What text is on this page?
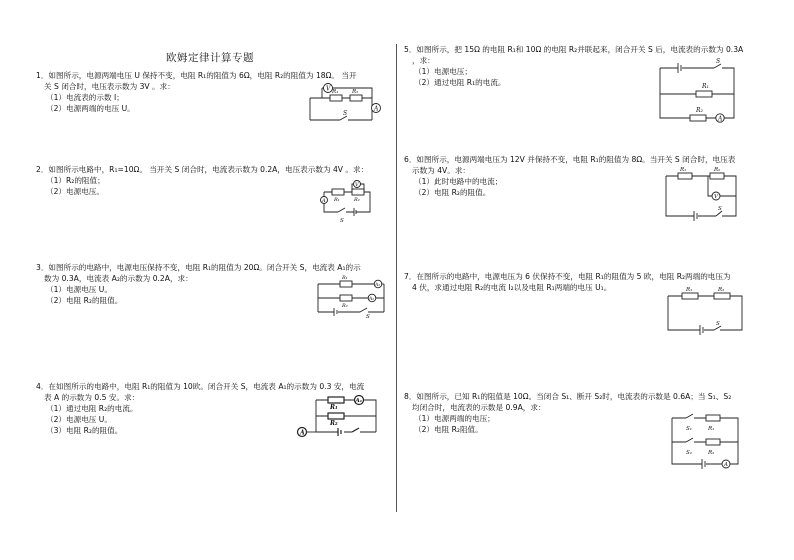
欧姆定律计算专题
1．如图所示，电源两端电压 U 保持不变，电阻 R₁的阻值为 6Ω，电阻 R₂的阻值为 18Ω。 当开
关 S 闭合时，电压表示数为 3V 。求：
（1）电流表的示数 I；
（2）电源两端的电压 U。
V R₁ R₂
A
S
2．如图所示电路中，R₁=10Ω。 当开关 S 闭合时，电流表示数为 0.2A，电压表示数为 4V 。求：
（1）R₂的阻值；
（2）电源电压。
V
R₁	R₂
A
S
3．如图所示的电路中，电源电压保持不变，电阻 R₁的阻值为 20Ω。闭合开关 S，电流表 A₁的示
数为 0.3A，电流表 A₂的示数为 0.2A，求：
（1）电源电压 U。
（2）电阻 R₂的阻值。
R₁
R₂
A₁
A₂
S
4．在如图所示的电路中，电阻 R₁的阻值为 10欧。闭合开关 S，电流表 A₁的示数为 0.3 安，电流
表 A 的示数为 0.5 安。求：
（1）通过电阻 R₂的电流。
（2）电源电压 U。
（3）电阻 R₂的阻值。
R₁
R₂
A₁
A
5．如图所示，把 15Ω 的电阻 R₁和 10Ω 的电阻 R₂并联起来，闭合开关 S 后，电流表的示数为 0.3A
，求：
（1）电源电压；
（2）通过电阻 R₁的电流。
S
R₁
R₂
A
6．如图所示，电源两端电压为 12V 并保持不变，电阻 R₁的阻值为 8Ω。当开关 S 闭合时，电压表
示数为 4V。求：
（1）此时电路中的电流；
（2）电阻 R₂的阻值。
R₁	R₂
V
S
7．在图所示的电路中，电源电压为 6 伏保持不变，电阻 R₁的阻值为 5 欧，电阻 R₂两端的电压为
4 伏，求通过电阻 R₂的电流 I₂以及电阻 R₁两端的电压 U₁。	R₁	R₂
S
8．如图所示，已知 R₁的阻值是 10Ω。当闭合 S₁、断开 S₂时，电流表的示数是 0.6A；当 S₁、S₂
均闭合时，电流表的示数是 0.9A，求：
（1）电源两端的电压；
（2）电阻 R₂阻值。	S₁	R₁
S₂	R₂
A
